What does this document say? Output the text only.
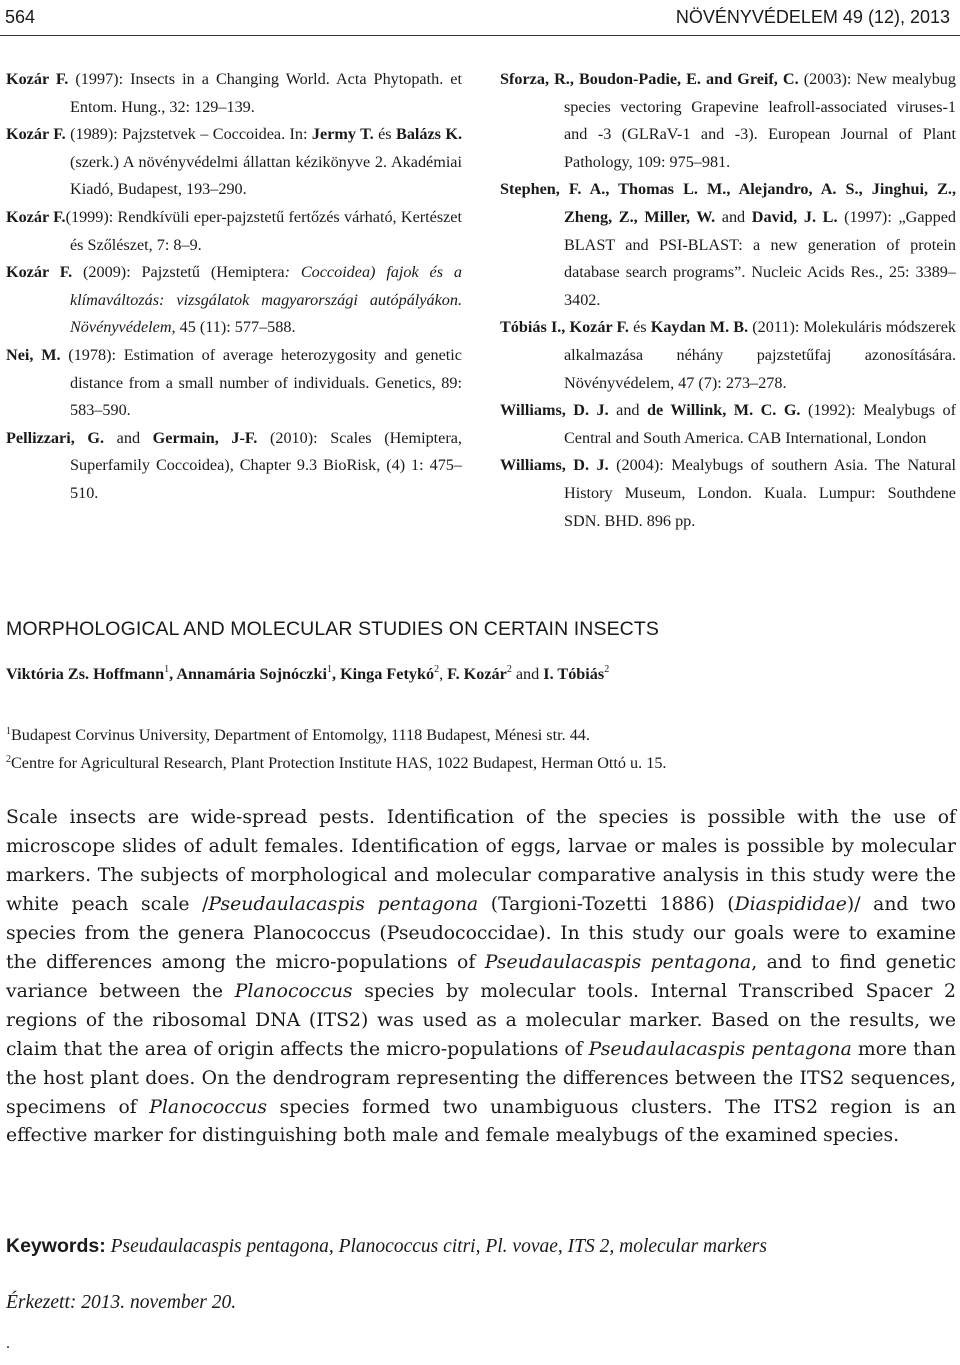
564	NÖVÉNYVÉDELEM 49 (12), 2013

Kozár F. (1997): Insects in a Changing World. Acta Phytopath. et Entom. Hung., 32: 129–139.

Kozár F. (1989): Pajzstetvek – Coccoidea. In: Jermy T. és Balázs K. (szerk.) A növényvédelmi állattan kézikönyve 2. Akadémiai Kiadó, Budapest, 193–290.

Kozár F.(1999): Rendkívüli eper-pajzstetű fertőzés várható, Kertészet és Szőlészet, 7: 8–9.

Kozár F. (2009): Pajzstetű (Hemiptera: Coccoidea) fajok és a klímaváltozás: vizsgálatok magyarországi autópályákon. Növényvédelem, 45 (11): 577–588.

Nei, M. (1978): Estimation of average heterozygosity and genetic distance from a small number of individuals. Genetics, 89: 583–590.

Pellizzari, G. and Germain, J-F. (2010): Scales (Hemiptera, Superfamily Coccoidea), Chapter 9.3 BioRisk, (4) 1: 475–510.

Sforza, R., Boudon-Padie, E. and Greif, C. (2003): New mealybug species vectoring Grapevine leafroll-associated viruses-1 and -3 (GLRaV-1 and -3). European Journal of Plant Pathology, 109: 975–981.

Stephen, F. A., Thomas L. M., Alejandro, A. S., Jinghui, Z., Zheng, Z., Miller, W. and David, J. L. (1997): „Gapped BLAST and PSI-BLAST: a new generation of protein database search programs”. Nucleic Acids Res., 25: 3389–3402.

Tóbiás I., Kozár F. és Kaydan M. B. (2011): Molekuláris módszerek alkalmazása néhány pajzstetűfaj azonosítására. Növényvédelem, 47 (7): 273–278.

Williams, D. J. and de Willink, M. C. G. (1992): Mealybugs of Central and South America. CAB International, London

Williams, D. J. (2004): Mealybugs of southern Asia. The Natural History Museum, London. Kuala. Lumpur: Southdene SDN. BHD. 896 pp.

MORPHOLOGICAL AND MOLECULAR STUDIES ON CERTAIN INSECTS
Viktória Zs. Hoffmann$^1$, Annamária Sojnóczki$^1$, Kinga Fetykó$^2$, F. Kozár$^2$ and I. Tóbiás$^2$
$^1$Budapest Corvinus University, Department of Entomolgy, 1118 Budapest, Ménesi str. 44.
$^2$Centre for Agricultural Research, Plant Protection Institute HAS, 1022 Budapest, Herman Ottó u. 15.

Scale insects are wide-spread pests. Identification of the species is possible with the use of microscope slides of adult females. Identification of eggs, larvae or males is possible by molecular markers. The subjects of morphological and molecular comparative analysis in this study were the white peach scale /Pseudaulacaspis pentagona (Targioni-Tozetti 1886) (Diaspididae)/ and two species from the genera Planococcus (Pseudococcidae). In this study our goals were to examine the differences among the micro-populations of Pseudaulacaspis pentagona, and to find genetic variance between the Planococcus species by molecular tools. Internal Transcribed Spacer 2 regions of the ribosomal DNA (ITS2) was used as a molecular marker. Based on the results, we claim that the area of origin affects the micro-populations of Pseudaulacaspis pentagona more than the host plant does. On the dendrogram representing the differences between the ITS2 sequences, specimens of Planococcus species formed two unambiguous clusters. The ITS2 region is an effective marker for distinguishing both male and female mealybugs of the examined species.

Keywords: Pseudaulacaspis pentagona, Planococcus citri, Pl. vovae, ITS 2, molecular markers
Érkezett: 2013. november 20.
.
